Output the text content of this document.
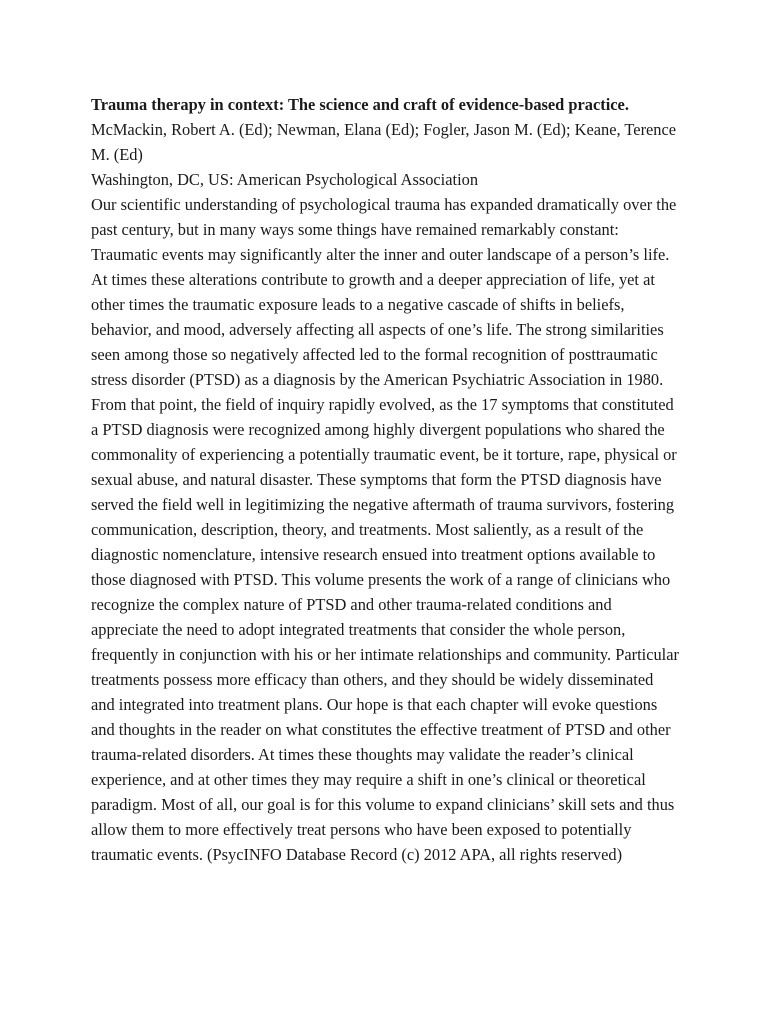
Trauma therapy in context: The science and craft of evidence-based practice.

McMackin, Robert A. (Ed); Newman, Elana (Ed); Fogler, Jason M. (Ed); Keane, Terence M. (Ed)

Washington, DC, US: American Psychological Association

Our scientific understanding of psychological trauma has expanded dramatically over the past century, but in many ways some things have remained remarkably constant: Traumatic events may significantly alter the inner and outer landscape of a person’s life. At times these alterations contribute to growth and a deeper appreciation of life, yet at other times the traumatic exposure leads to a negative cascade of shifts in beliefs, behavior, and mood, adversely affecting all aspects of one’s life. The strong similarities seen among those so negatively affected led to the formal recognition of posttraumatic stress disorder (PTSD) as a diagnosis by the American Psychiatric Association in 1980. From that point, the field of inquiry rapidly evolved, as the 17 symptoms that constituted a PTSD diagnosis were recognized among highly divergent populations who shared the commonality of experiencing a potentially traumatic event, be it torture, rape, physical or sexual abuse, and natural disaster. These symptoms that form the PTSD diagnosis have served the field well in legitimizing the negative aftermath of trauma survivors, fostering communication, description, theory, and treatments. Most saliently, as a result of the diagnostic nomenclature, intensive research ensued into treatment options available to those diagnosed with PTSD. This volume presents the work of a range of clinicians who recognize the complex nature of PTSD and other trauma-related conditions and appreciate the need to adopt integrated treatments that consider the whole person, frequently in conjunction with his or her intimate relationships and community. Particular treatments possess more efficacy than others, and they should be widely disseminated and integrated into treatment plans. Our hope is that each chapter will evoke questions and thoughts in the reader on what constitutes the effective treatment of PTSD and other trauma-related disorders. At times these thoughts may validate the reader’s clinical experience, and at other times they may require a shift in one’s clinical or theoretical paradigm. Most of all, our goal is for this volume to expand clinicians’ skill sets and thus allow them to more effectively treat persons who have been exposed to potentially traumatic events. (PsycINFO Database Record (c) 2012 APA, all rights reserved)
